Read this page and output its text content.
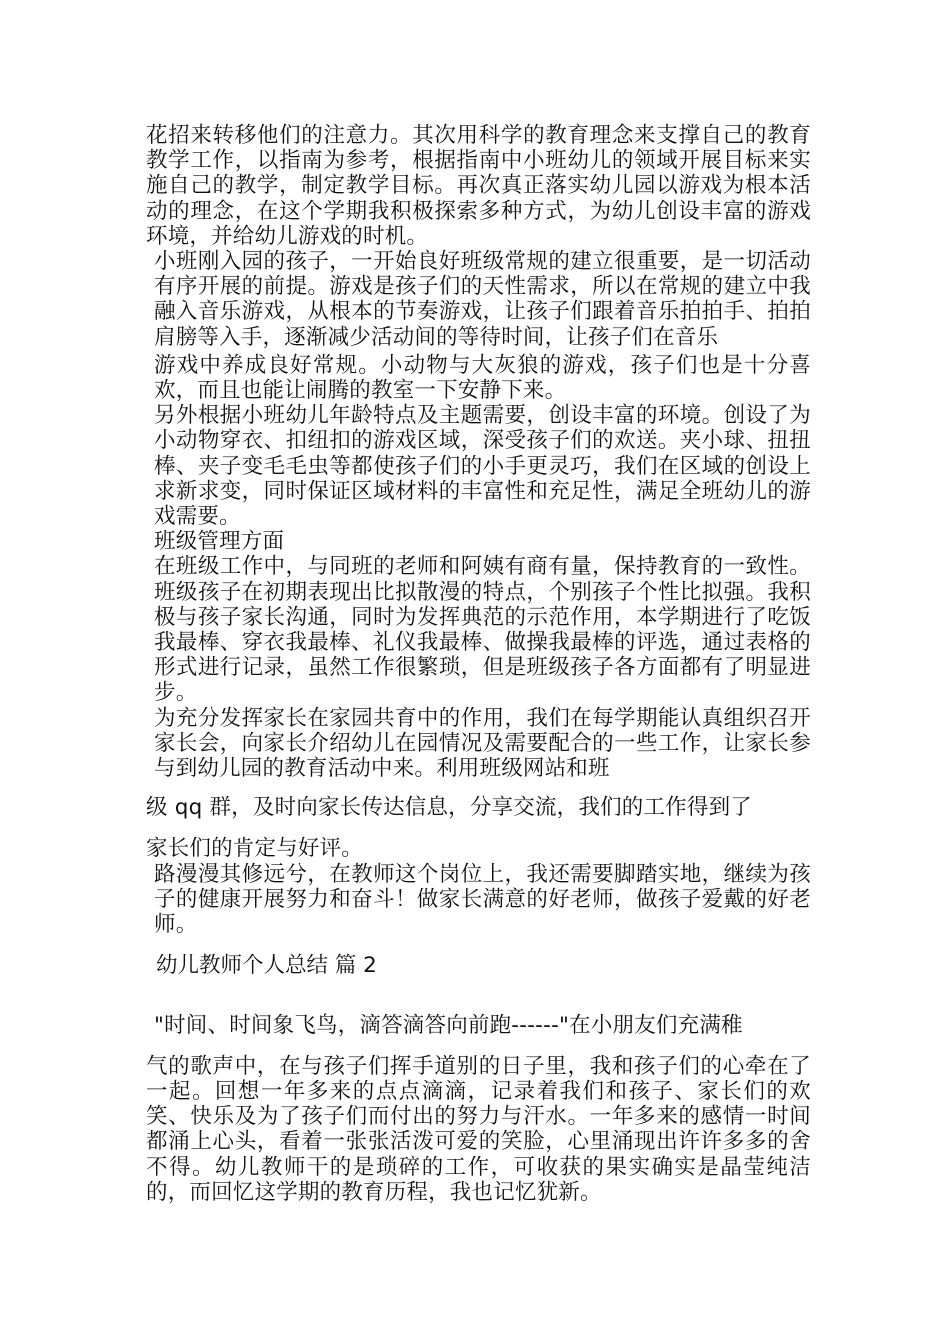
花招来转移他们的注意力。其次用科学的教育理念来支撑自己的教育教学工作，以指南为参考，根据指南中小班幼儿的领域开展目标来实施自己的教学，制定教学目标。再次真正落实幼儿园以游戏为根本活动的理念，在这个学期我积极探索多种方式，为幼儿创设丰富的游戏环境，并给幼儿游戏的时机。

小班刚入园的孩子，一开始良好班级常规的建立很重要，是一切活动有序开展的前提。游戏是孩子们的天性需求，所以在常规的建立中我融入音乐游戏，从根本的节奏游戏，让孩子们跟着音乐拍拍手、拍拍肩膀等入手，逐渐减少活动间的等待时间，让孩子们在音乐

游戏中养成良好常规。小动物与大灰狼的游戏，孩子们也是十分喜欢，而且也能让闹腾的教室一下安静下来。

另外根据小班幼儿年龄特点及主题需要，创设丰富的环境。创设了为小动物穿衣、扣纽扣的游戏区域，深受孩子们的欢送。夹小球、扭扭棒、夹子变毛毛虫等都使孩子们的小手更灵巧，我们在区域的创设上求新求变，同时保证区域材料的丰富性和充足性，满足全班幼儿的游戏需要。

班级管理方面

在班级工作中，与同班的老师和阿姨有商有量，保持教育的一致性。班级孩子在初期表现出比拟散漫的特点，个别孩子个性比拟强。我积极与孩子家长沟通，同时为发挥典范的示范作用，本学期进行了吃饭我最棒、穿衣我最棒、礼仪我最棒、做操我最棒的评选，通过表格的形式进行记录，虽然工作很繁琐，但是班级孩子各方面都有了明显进步。

为充分发挥家长在家园共育中的作用，我们在每学期能认真组织召开家长会，向家长介绍幼儿在园情况及需要配合的一些工作，让家长参与到幼儿园的教育活动中来。利用班级网站和班

级 qq 群，及时向家长传达信息，分享交流，我们的工作得到了

家长们的肯定与好评。

路漫漫其修远兮，在教师这个岗位上，我还需要脚踏实地，继续为孩子的健康开展努力和奋斗！做家长满意的好老师，做孩子爱戴的好老师。

幼儿教师个人总结 篇 2

"时间、时间象飞鸟，滴答滴答向前跑------"在小朋友们充满稚

气的歌声中，在与孩子们挥手道别的日子里，我和孩子们的心牵在了一起。回想一年多来的点点滴滴，记录着我们和孩子、家长们的欢笑、快乐及为了孩子们而付出的努力与汗水。一年多来的感情一时间都涌上心头，看着一张张活泼可爱的笑脸，心里涌现出许许多多的舍不得。幼儿教师干的是琐碎的工作，可收获的果实确实是晶莹纯洁的，而回忆这学期的教育历程，我也记忆犹新。
